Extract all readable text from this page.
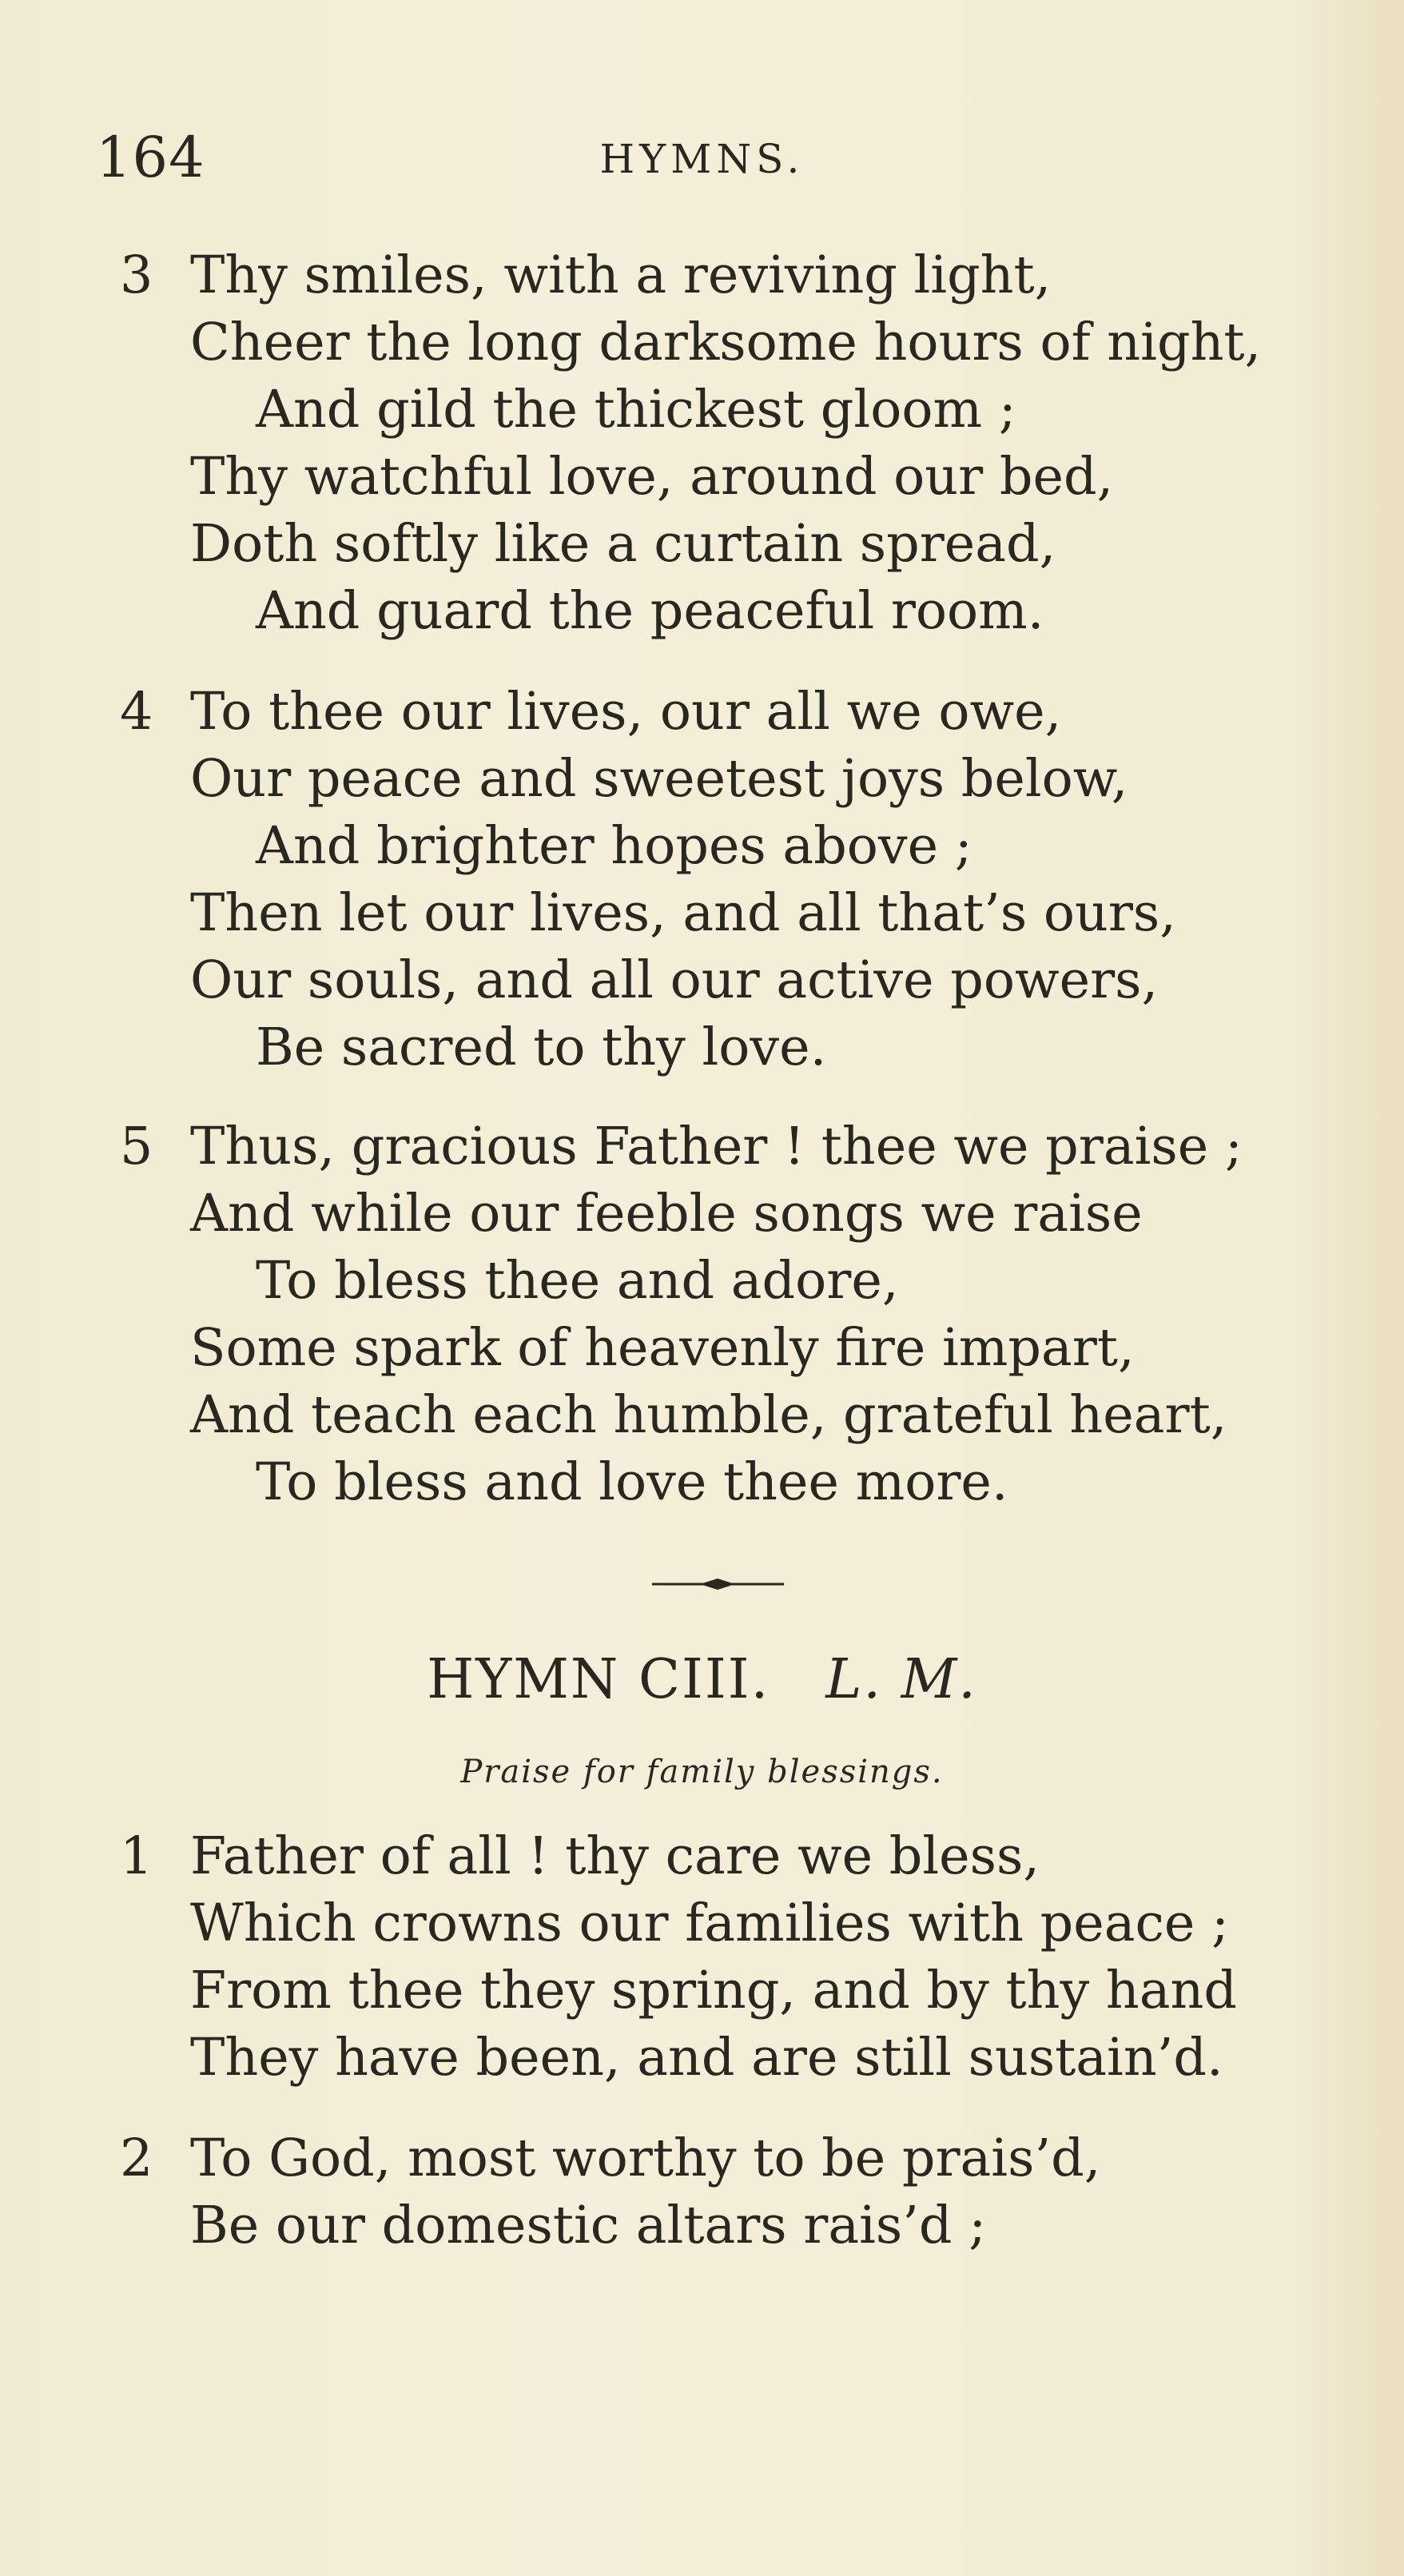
164	HYMNS.
3 Thy smiles, with a reviving light,
Cheer the long darksome hours of night,
And gild the thickest gloom ;
Thy watchful love, around our bed,
Doth softly like a curtain spread,
And guard the peaceful room.
4 To thee our lives, our all we owe,
Our peace and sweetest joys below,
And brighter hopes above ;
Then let our lives, and all that’s ours,
Our souls, and all our active powers,
Be sacred to thy love.
5 Thus, gracious Father ! thee we praise ;
And while our feeble songs we raise
To bless thee and adore,
Some spark of heavenly fire impart,
And teach each humble, grateful heart,
To bless and love thee more.
HYMN CIII. L. M.
Praise for family blessings.
1 Father of all ! thy care we bless,
Which crowns our families with peace ;
From thee they spring, and by thy hand
They have been, and are still sustain’d.
2 To God, most worthy to be prais’d,
Be our domestic altars rais’d ;
